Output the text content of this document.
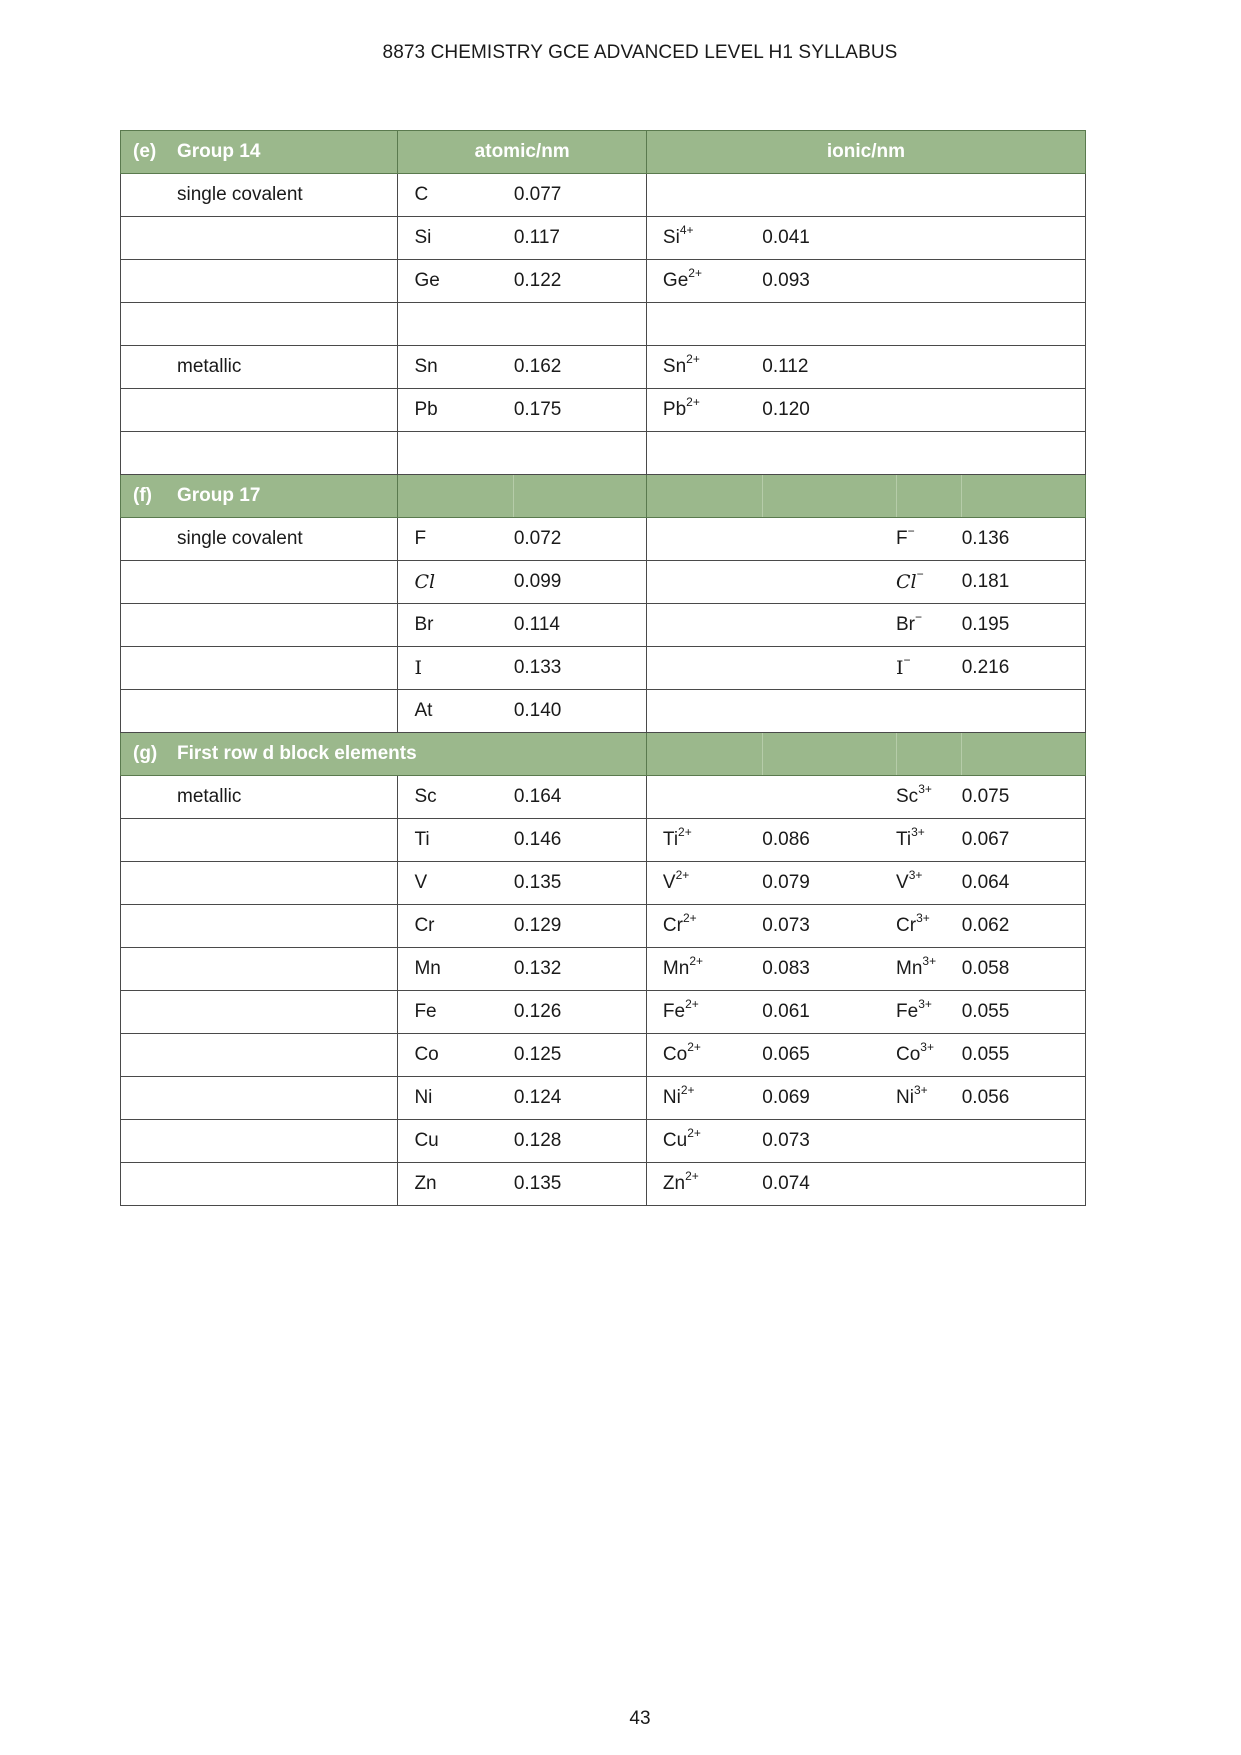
8873 CHEMISTRY GCE ADVANCED LEVEL H1 SYLLABUS
(e) Group 14	atomic/nm		ionic/nm			
single covalent	C	0.077				
	Si	0.117	$Si^{4+}$	0.041		
	Ge	0.122	$Ge^{2+}$	0.093		

metallic	Sn	0.162	$Sn^{2+}$	0.112		
	Pb	0.175	$Pb^{2+}$	0.120		

(f) Group 17						
single covalent	F	0.072			F−	0.136
	Cl	0.099			Cl−	0.181
	Br	0.114			Br−	0.195
	I	0.133			I−	0.216
	At	0.140				
(g) First row d block elements						
metallic	Sc	0.164			$Sc^{3+}$	0.075
	Ti	0.146	$Ti^{2+}$	0.086	$Ti^{3+}$	0.067
	V	0.135	$V^{2+}$	0.079	$V^{3+}$	0.064
	Cr	0.129	$Cr^{2+}$	0.073	$Cr^{3+}$	0.062
	Mn	0.132	$Mn^{2+}$	0.083	$Mn^{3+}$	0.058
	Fe	0.126	$Fe^{2+}$	0.061	$Fe^{3+}$	0.055
	Co	0.125	$Co^{2+}$	0.065	$Co^{3+}$	0.055
	Ni	0.124	$Ni^{2+}$	0.069	$Ni^{3+}$	0.056
	Cu	0.128	$Cu^{2+}$	0.073		
	Zn	0.135	$Zn^{2+}$	0.074		
43
